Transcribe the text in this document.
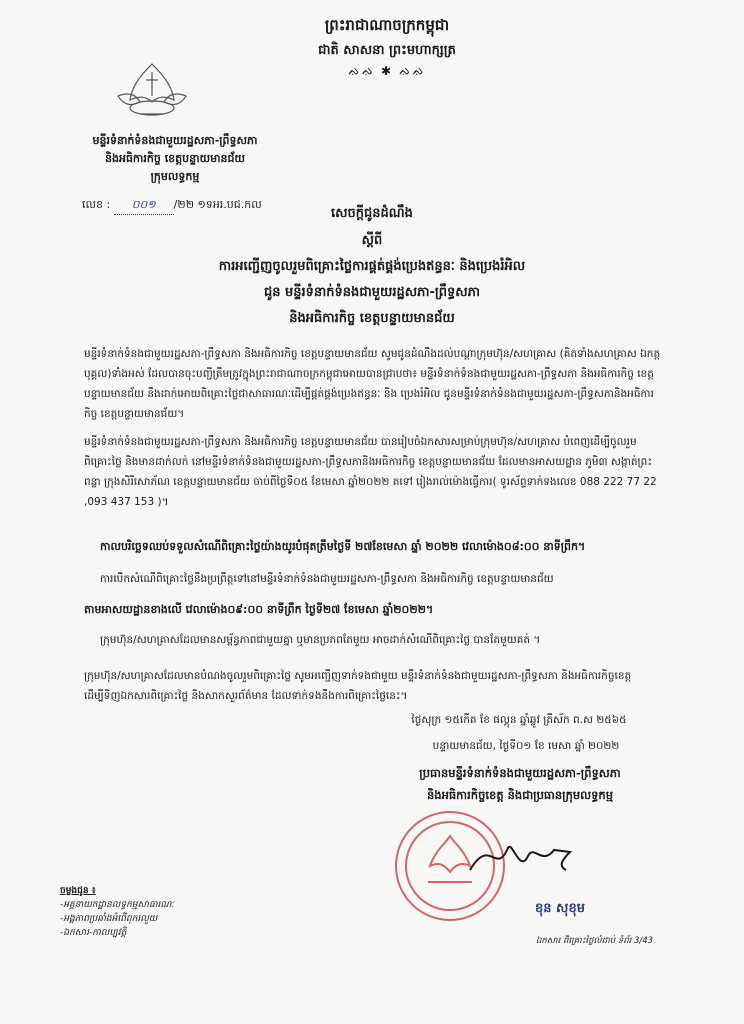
ព្រះរាជាណាចក្រកម្ពុជា
ជាតិ សាសនា ព្រះមហាក្សត្រ
ᨁᨁ ✱ ᨁᨁ
មន្ទីរទំនាក់ទំនងជាមួយរដ្ឋសភា-ព្រឹទ្ធសភា
និងអធិការកិច្ច ខេត្តបន្ទាយមានជ័យ
ក្រុមលទ្ធកម្ម
លេខ : ០០១ /២២ ១ទអរ.បជ.កល
សេចក្តីជូនដំណឹង
ស្តីពី
ការអញ្ជើញចូលរួមពិគ្រោះថ្លៃការផ្គត់ផ្គង់ប្រេងឥន្ធនៈ និងប្រេងរំអិល
ជូន មន្ទីរទំនាក់ទំនងជាមួយរដ្ឋសភា-ព្រឹទ្ធសភា
និងអធិការកិច្ច ខេត្តបន្ទាយមានជ័យ
មន្ទីរទំនាក់ទំនងជាមួយរដ្ឋសភា-ព្រឹទ្ធសភា និងអធិការកិច្ច ខេត្តបន្ទាយមានជ័យ សូមជូនដំណឹងដល់បណ្តាក្រុមហ៊ុន/សហគ្រាស (គិតទាំងសហគ្រាស ឯកត្តបុគ្គល)ទាំងអស់ ដែលបានចុះបញ្ជីត្រឹមត្រូវក្នុងព្រះរាជាណាចក្រកម្ពុជាអោយបានជ្រាបថា៖ មន្ទីរទំនាក់ទំនងជាមួយរដ្ឋសភា-ព្រឹទ្ធសភា និងអធិការកិច្ច ខេត្តបន្ទាយមានជ័យ នឹងដាក់អោយពិគ្រោះថ្លៃជាសាធារណៈដើម្បីផ្គត់ផ្គង់ប្រេងឥន្ធនៈ និង ប្រេងរំអិល ជូនមន្ទីរទំនាក់ទំនងជាមួយរដ្ឋសភា-ព្រឹទ្ធសភានិងអធិការកិច្ច ខេត្តបន្ទាយមានជ័យ។
មន្ទីរទំនាក់ទំនងជាមួយរដ្ឋសភា-ព្រឹទ្ធសភា និងអធិការកិច្ច ខេត្តបន្ទាយមានជ័យ បានរៀបចំឯកសារសម្រាប់ក្រុមហ៊ុន/សហគ្រាស បំពេញដើម្បីចូលរួមពិគ្រោះថ្លៃ និងមានដាក់លក់ នៅមន្ទីរទំនាក់ទំនងជាមួយរដ្ឋសភា-ព្រឹទ្ធសភានិងអធិការកិច្ច ខេត្តបន្ទាយមានជ័យ ដែលមានអាសយដ្ឋាន ភូមិ៣ សង្កាត់ព្រះពន្លា ក្រុងសិរីសោភ័ណ ខេត្តបន្ទាយមានជ័យ ចាប់ពីថ្ងៃទី០៥ ខែមេសា ឆ្នាំ២០២២ តទៅ រៀងរាល់ម៉ោងធ្វើការ( ទូរស័ព្ទទាក់ទងលេខ 088 222 77 22 ,093 437 153 )។
កាលបរិច្ឆេទឈប់ទទួលសំណើពិគ្រោះថ្លៃយ៉ាងយូរបំផុតត្រឹមថ្ងៃទី ២៧ខែមេសា ឆ្នាំ ២០២២ វេលាម៉ោង០៨:០០ នាទីព្រឹក។
ការបើកសំណើពិគ្រោះថ្លៃនឹងប្រព្រឹត្តទៅនៅមន្ទីរទំនាក់ទំនងជាមួយរដ្ឋសភា-ព្រឹទ្ធសភា និងអធិការកិច្ច ខេត្តបន្ទាយមានជ័យ
តាមអាសយដ្ឋានខាងលើ វេលាម៉ោង០៩:០០ នាទីព្រឹក ថ្ងៃទី២៧ ខែមេសា ឆ្នាំ២០២២។
ក្រុមហ៊ុន/សហគ្រាសដែលមានសម្ព័ន្ធភាពជាមួយគ្នា ឬមានប្រភពតែមួយ អាចដាក់សំណើពិគ្រោះថ្លៃ បានតែមួយគត់ ។
ក្រុមហ៊ុន/សហគ្រាសដែលមានបំណងចូលរួមពិគ្រោះថ្លៃ សូមអញ្ជើញទាក់ទងជាមួយ មន្ទីរទំនាក់ទំនងជាមួយរដ្ឋសភា-ព្រឹទ្ធសភា និងអធិការកិច្ចខេត្ត ដើម្បីទិញឯកសារពិគ្រោះថ្លៃ និងសាកសួរព័ត៌មាន ដែលទាក់ទងនឹងការពិគ្រោះថ្លៃនេះ។
ថ្ងៃសុក្រ ១៥កើត ខែ ផល្គុន ឆ្នាំឆ្លូវ ត្រីស័ក ព.ស ២៥៦៥
បន្ទាយមានជ័យ, ថ្ងៃទី០១ ខែ មេសា ឆ្នាំ ២០២២
ប្រធានមន្ទីរទំនាក់ទំនងជាមួយរដ្ឋសភា-ព្រឹទ្ធសភា
និងអធិការកិច្ចខេត្ត និងជាប្រធានក្រុមលទ្ធកម្ម
ខុន សុខុម
ចម្លងជូន ៖
-អគ្គនាយកដ្ឋានលទ្ធកម្មសាធារណៈ
-អង្គភាពប្រឆាំងអំពើពុករលួយ
-ឯកសារ-កាលប្បវត្តិ
ឯកសារ ពិគ្រោះថ្លៃលំដាប់ ទំព័រ 3/43
